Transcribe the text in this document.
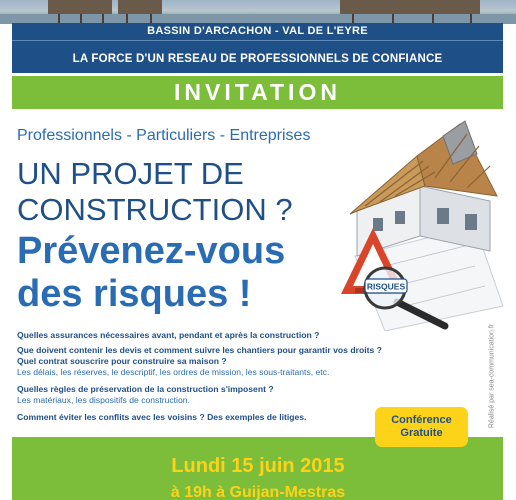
BASSIN D'ARCACHON - VAL DE L'EYRE
LA FORCE D'UN RESEAU DE PROFESSIONNELS DE CONFIANCE
INVITATION
Professionnels - Particuliers - Entreprises
UN PROJET DE
CONSTRUCTION ?
Prévenez-vous
des risques !	RISQUES
Quelles assurances nécessaires avant, pendant et après la construction ?
Que doivent contenir les devis et comment suivre les chantiers pour garantir vos droits ?
Quel contrat souscrire pour construire sa maison ?
Les délais, les réserves, le descriptif, les ordres de mission, les sous-traitants, etc.
Quelles règles de préservation de la construction s'imposent ?
Les matériaux, les dispositifs de construction.
Comment éviter les conflits avec les voisins ? Des exemples de litiges.	Réalisé par sea-communication.fr
Conférence
Gratuite
Lundi 15 juin 2015
à 19h à Guijan-Mestras
